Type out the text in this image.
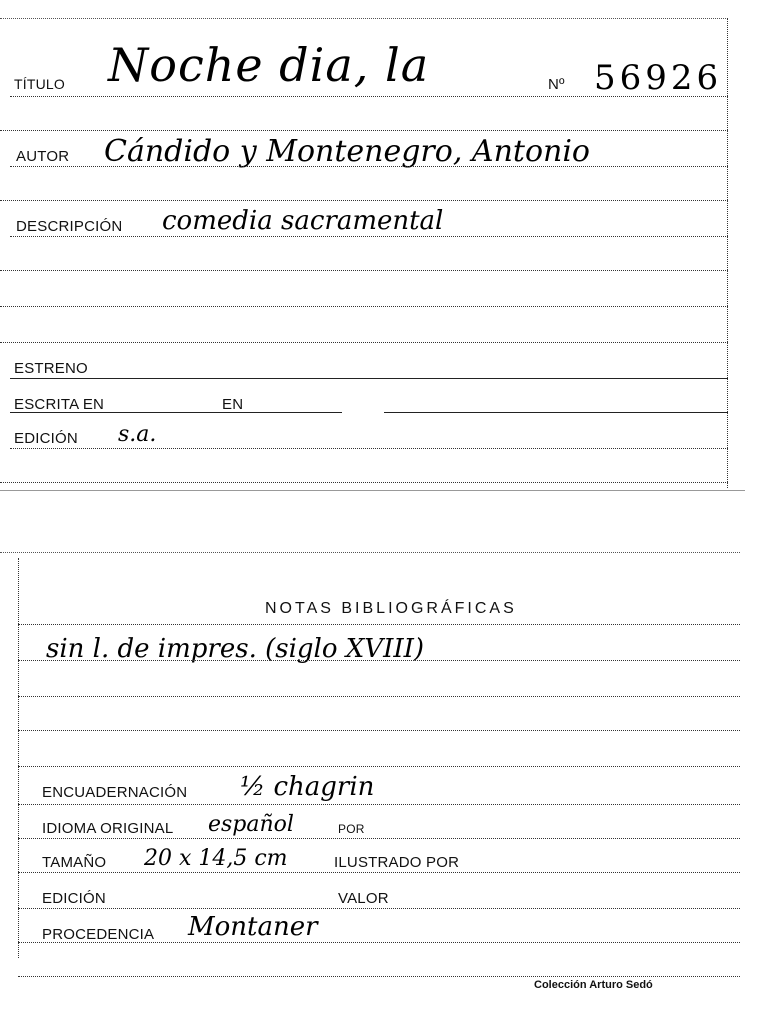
TÍTULO Noche dia, la	Nº 56926
AUTOR Cándido y Montenegro, Antonio
DESCRIPCIÓN comedia sacramental
ESTRENO
ESCRITA EN	EN
EDICIÓN s.a.
NOTAS BIBLIOGRÁFICAS
sin l. de impres. (siglo XVIII)
ENCUADERNACIÓN ½ chagrin
IDIOMA ORIGINAL español	POR
TAMAÑO 20 x 14,5 cm	ILUSTRADO POR
EDICIÓN	VALOR
PROCEDENCIA Montaner
Colección Arturo Sedó
